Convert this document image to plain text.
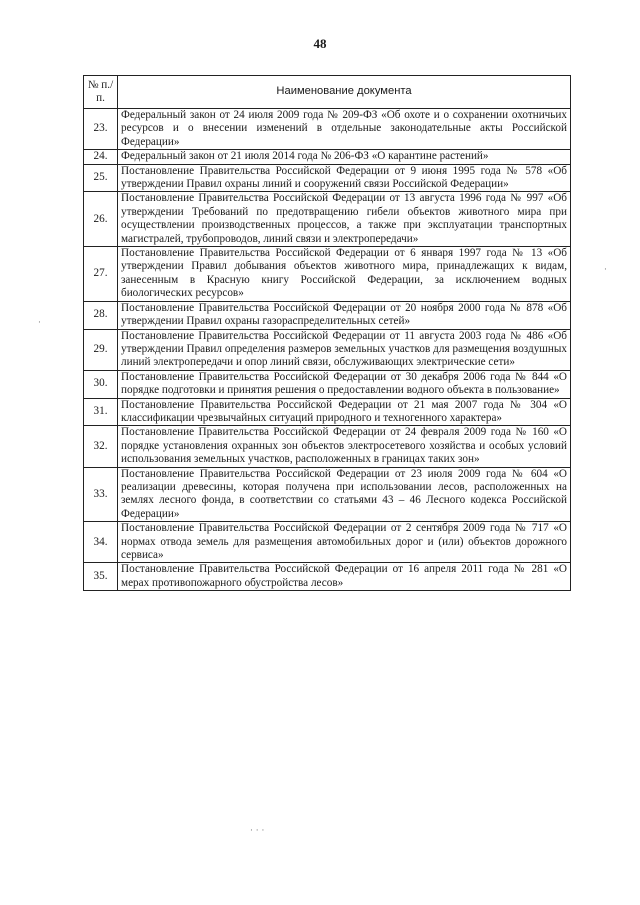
48
№ п./п.	Наименование документа
23.	Федеральный закон от 24 июля 2009 года № 209-ФЗ «Об охоте и о сохранении охотничьих ресурсов и о внесении изменений в отдельные законодательные акты Российской Федерации»
24.	Федеральный закон от 21 июля 2014 года № 206-ФЗ «О карантине растений»
25.	Постановление Правительства Российской Федерации от 9 июня 1995 года № 578 «Об утверждении Правил охраны линий и сооружений связи Российской Федерации»
26.	Постановление Правительства Российской Федерации от 13 августа 1996 года № 997 «Об утверждении Требований по предотвращению гибели объектов животного мира при осуществлении производственных процессов, а также при эксплуатации транспортных магистралей, трубопроводов, линий связи и электропередачи»
27.	Постановление Правительства Российской Федерации от 6 января 1997 года № 13 «Об утверждении Правил добывания объектов животного мира, принадлежащих к видам, занесенным в Красную книгу Российской Федерации, за исключением водных биологических ресурсов»
28.	Постановление Правительства Российской Федерации от 20 ноября 2000 года № 878 «Об утверждении Правил охраны газораспределительных сетей»
29.	Постановление Правительства Российской Федерации от 11 августа 2003 года № 486 «Об утверждении Правил определения размеров земельных участков для размещения воздушных линий электропередачи и опор линий связи, обслуживающих электрические сети»
30.	Постановление Правительства Российской Федерации от 30 декабря 2006 года № 844 «О порядке подготовки и принятия решения о предоставлении водного объекта в пользование»
31.	Постановление Правительства Российской Федерации от 21 мая 2007 года № 304 «О классификации чрезвычайных ситуаций природного и техногенного характера»
32.	Постановление Правительства Российской Федерации от 24 февраля 2009 года № 160 «О порядке установления охранных зон объектов электросетевого хозяйства и особых условий использования земельных участков, расположенных в границах таких зон»
33.	Постановление Правительства Российской Федерации от 23 июля 2009 года № 604 «О реализации древесины, которая получена при использовании лесов, расположенных на землях лесного фонда, в соответствии со статьями 43 – 46 Лесного кодекса Российской Федерации»
34.	Постановление Правительства Российской Федерации от 2 сентября 2009 года № 717 «О нормах отвода земель для размещения автомобильных дорог и (или) объектов дорожного сервиса»
35.	Постановление Правительства Российской Федерации от 16 апреля 2011 года № 281 «О мерах противопожарного обустройства лесов»
·
·
· · ·
